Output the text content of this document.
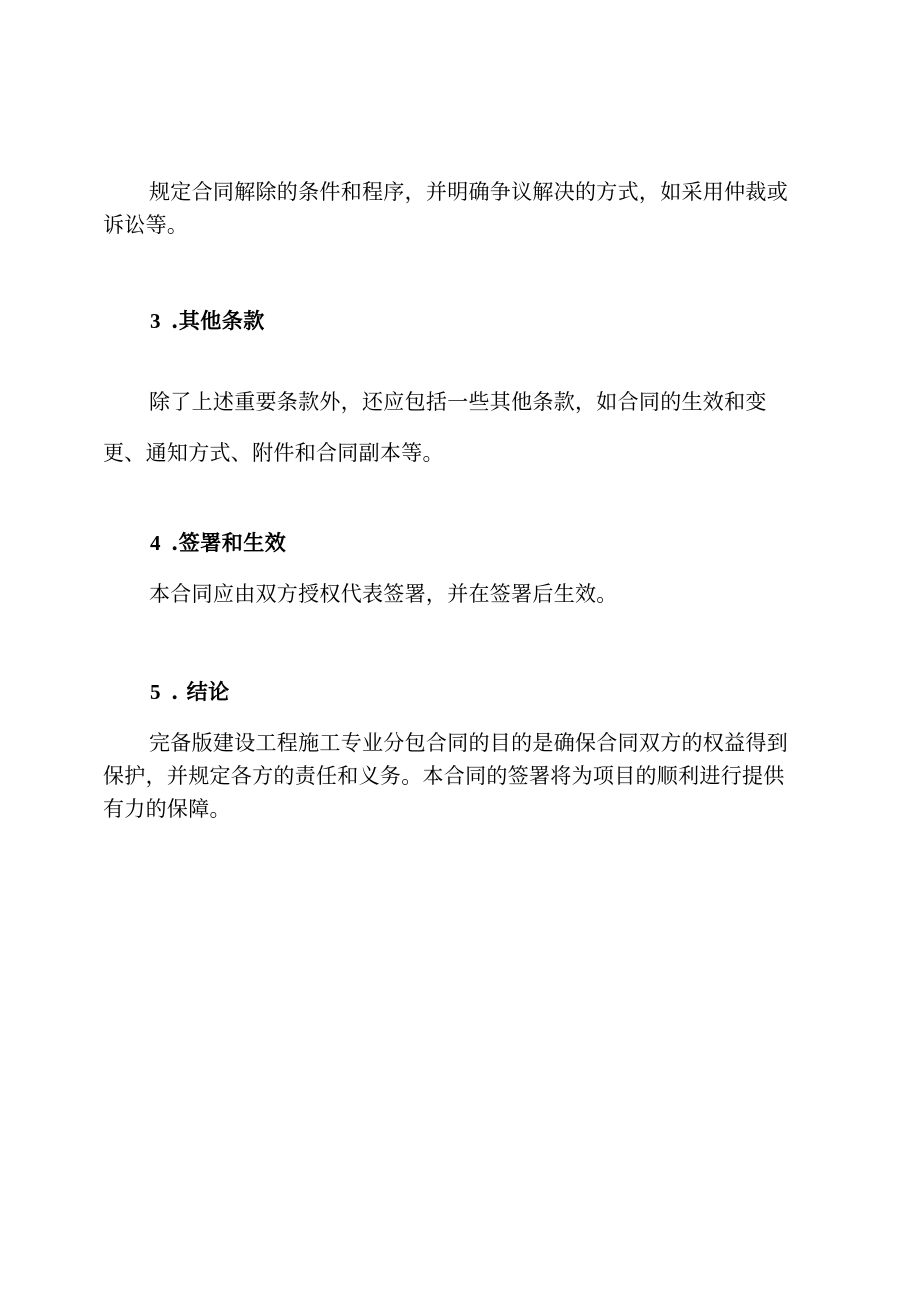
规定合同解除的条件和程序，并明确争议解决的方式，如采用仲裁或诉讼等。

3 .其他条款

除了上述重要条款外，还应包括一些其他条款，如合同的生效和变更、通知方式、附件和合同副本等。

4 .签署和生效

本合同应由双方授权代表签署，并在签署后生效。

5 . 结论

完备版建设工程施工专业分包合同的目的是确保合同双方的权益得到保护，并规定各方的责任和义务。本合同的签署将为项目的顺利进行提供有力的保障。
